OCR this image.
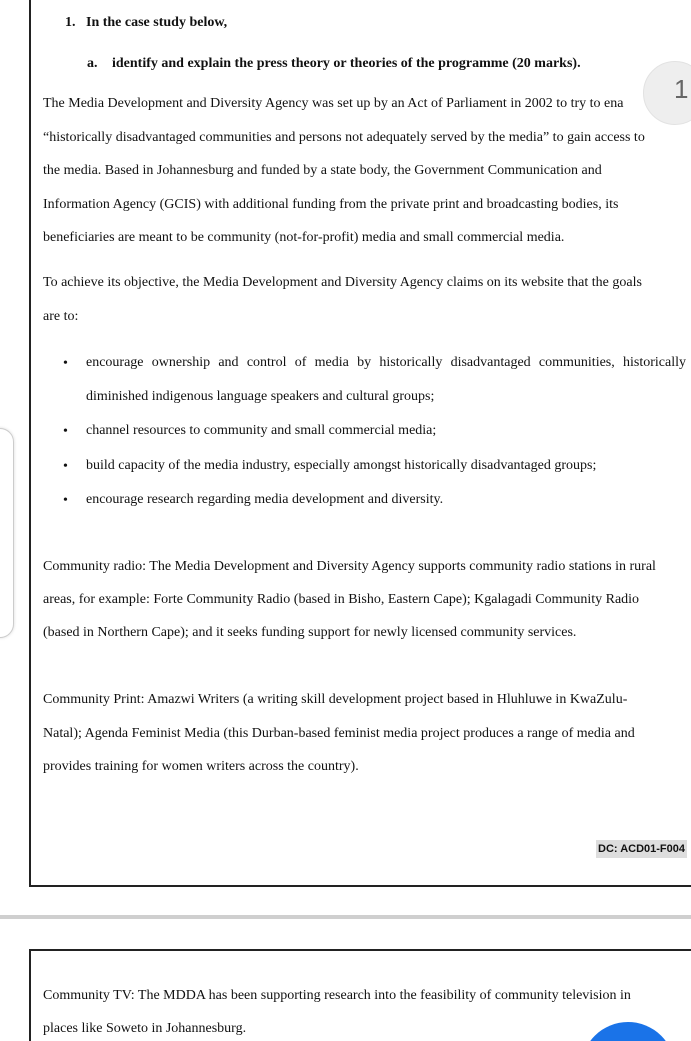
1. In the case study below,
a. identify and explain the press theory or theories of the programme (20 marks).
The Media Development and Diversity Agency was set up by an Act of Parliament in 2002 to try to ena
“historically disadvantaged communities and persons not adequately served by the media” to gain access to
the media. Based in Johannesburg and funded by a state body, the Government Communication and
Information Agency (GCIS) with additional funding from the private print and broadcasting bodies, its
beneficiaries are meant to be community (not-for-profit) media and small commercial media.
To achieve its objective, the Media Development and Diversity Agency claims on its website that the goals
are to:
• encourage ownership and control of media by historically disadvantaged communities, historically
diminished indigenous language speakers and cultural groups;
• channel resources to community and small commercial media;
• build capacity of the media industry, especially amongst historically disadvantaged groups;
• encourage research regarding media development and diversity.
Community radio: The Media Development and Diversity Agency supports community radio stations in rural
areas, for example: Forte Community Radio (based in Bisho, Eastern Cape); Kgalagadi Community Radio
(based in Northern Cape); and it seeks funding support for newly licensed community services.
Community Print: Amazwi Writers (a writing skill development project based in Hluhluwe in KwaZulu-
Natal); Agenda Feminist Media (this Durban-based feminist media project produces a range of media and
provides training for women writers across the country).
DC: ACD01-F004
Community TV: The MDDA has been supporting research into the feasibility of community television in
places like Soweto in Johannesburg.
1
